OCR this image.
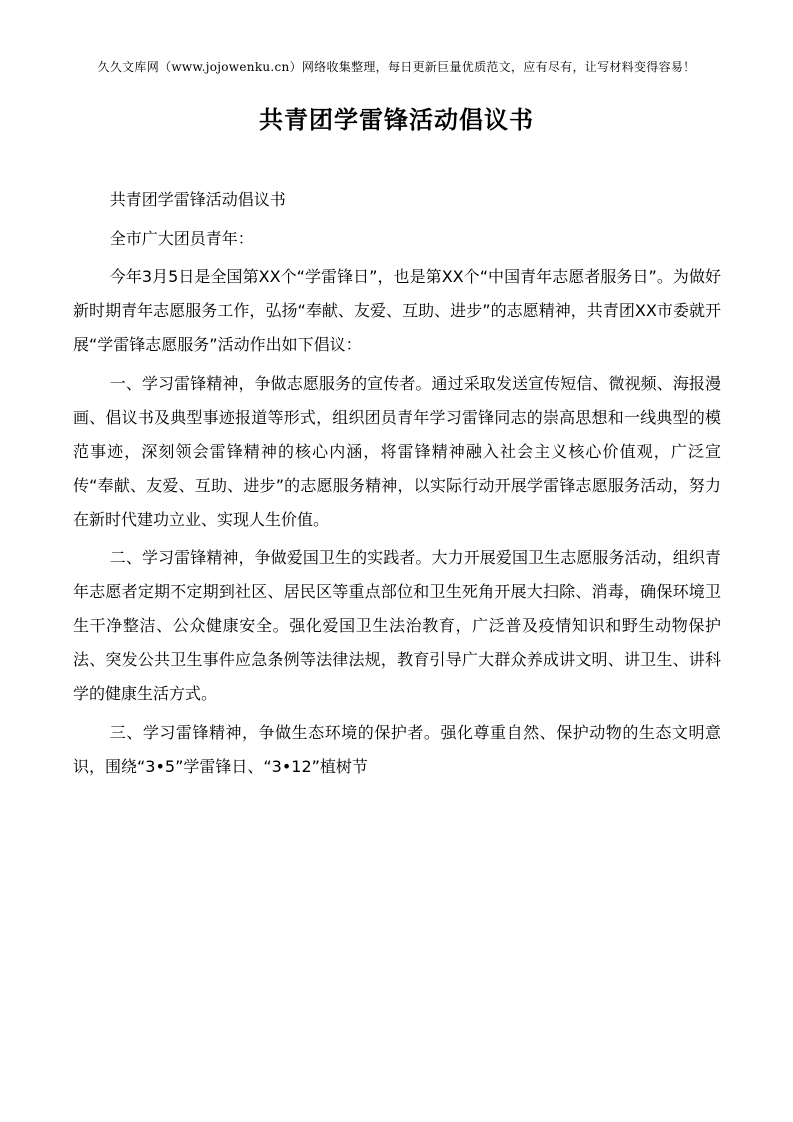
久久文库网（www.jojowenku.cn）网络收集整理，每日更新巨量优质范文，应有尽有，让写材料变得容易！
共青团学雷锋活动倡议书

共青团学雷锋活动倡议书

全市广大团员青年：

今年3月5日是全国第XX个“学雷锋日”，也是第XX个“中国青年志愿者服务日”。为做好新时期青年志愿服务工作，弘扬“奉献、友爱、互助、进步”的志愿精神，共青团XX市委就开展“学雷锋志愿服务”活动作出如下倡议：

一、学习雷锋精神，争做志愿服务的宣传者。通过采取发送宣传短信、微视频、海报漫画、倡议书及典型事迹报道等形式，组织团员青年学习雷锋同志的崇高思想和一线典型的模范事迹，深刻领会雷锋精神的核心内涵，将雷锋精神融入社会主义核心价值观，广泛宣传“奉献、友爱、互助、进步”的志愿服务精神，以实际行动开展学雷锋志愿服务活动，努力在新时代建功立业、实现人生价值。

二、学习雷锋精神，争做爱国卫生的实践者。大力开展爱国卫生志愿服务活动，组织青年志愿者定期不定期到社区、居民区等重点部位和卫生死角开展大扫除、消毒，确保环境卫生干净整洁、公众健康安全。强化爱国卫生法治教育，广泛普及疫情知识和野生动物保护法、突发公共卫生事件应急条例等法律法规，教育引导广大群众养成讲文明、讲卫生、讲科学的健康生活方式。

三、学习雷锋精神，争做生态环境的保护者。强化尊重自然、保护动物的生态文明意识，围绕“3•5”学雷锋日、“3•12”植树节
